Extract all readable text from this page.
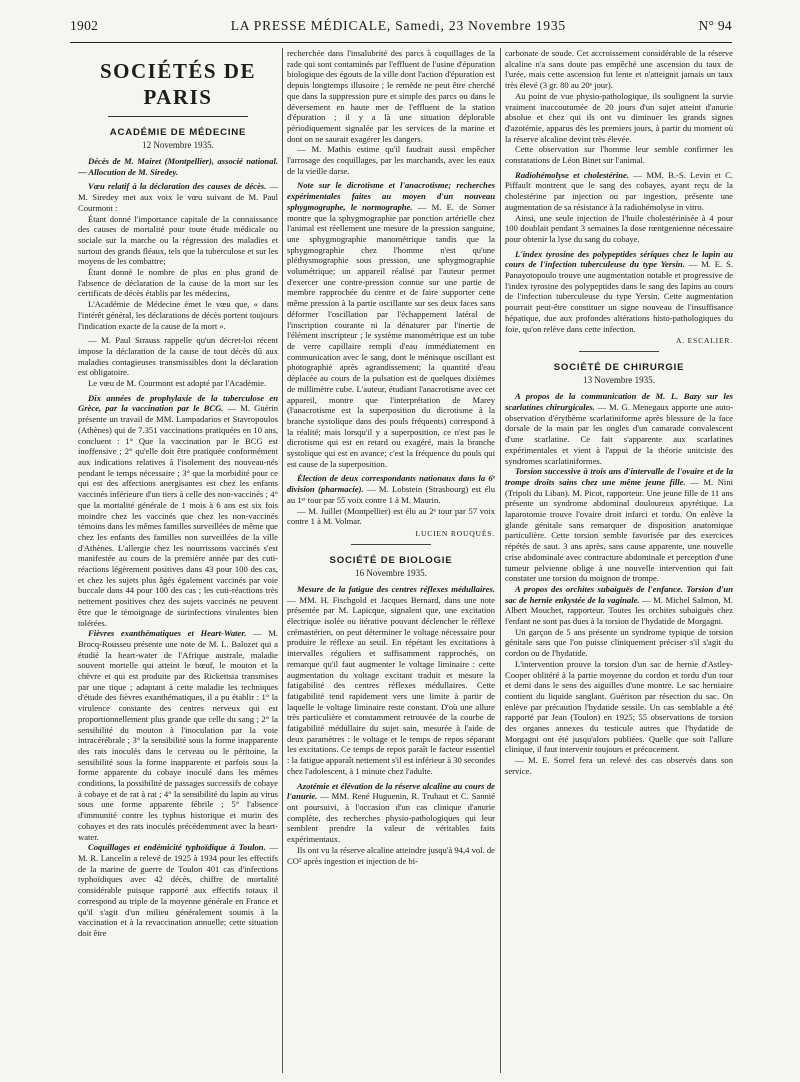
1902	LA PRESSE MÉDICALE, Samedi, 23 Novembre 1935	N° 94
SOCIÉTÉS DE PARIS
ACADÉMIE DE MÉDECINE
12 Novembre 1935.

Décès de M. Mairet (Montpellier), associé national. — Allocution de M. Siredey.

Vœu relatif à la déclaration des causes de décès. — M. Siredey met aux voix le vœu suivant de M. Paul Courmont :

Étant donné l'importance capitale de la connaissance des causes de mortalité pour toute étude médicale ou sociale sur la marche ou la régression des maladies et surtout des grands fléaux, tels que la tuberculose et sur les moyens de les combattre;

Étant donné le nombre de plus en plus grand de l'absence de déclaration de la cause de la mort sur les certificats de décès établis par les médecins,

L'Académie de Médecine émet le vœu que, « dans l'intérêt général, les déclarations de décès portent toujours l'indication exacte de la cause de la mort ».

— M. Paul Strauss rappelle qu'un décret-loi récent impose la déclaration de la cause de tout décès dû aux maladies contagieuses transmissibles dont la déclaration est obligatoire.

Le vœu de M. Courmont est adopté par l'Académie.

Dix années de prophylaxie de la tuberculose en Grèce, par la vaccination par le BCG. — M. Guérin présente un travail de MM. Lampadarios et Stavropoulos (Athènes) qui de 7.351 vaccinations pratiquées en 10 ans, concluent : 1° Que la vaccination par le BCG est inoffensive ; 2° qu'elle doit être pratiquée conformément aux indications relatives à l'isolement des nouveau-nés pendant le temps nécessaire ; 3° que la morbidité pour ce qui est des affections anergisantes est chez les enfants vaccinés inférieure d'un tiers à celle des non-vaccinés ; 4° que la mortalité générale de 1 mois à 6 ans est six fois moindre chez les vaccinés que chez les non-vaccinés témoins dans les mêmes familles surveillées de même que chez les enfants des familles non surveillées de la ville d'Athènes. L'allergie chez les nourrissons vaccinés s'est manifestée au cours de la première année par des cuti-réactions légèrement positives dans 43 pour 100 des cas, et chez les sujets plus âgés également vaccinés par voie buccale dans 44 pour 100 des cas ; les cuti-réactions très nettement positives chez des sujets vaccinés ne peuvent être que le témoignage de surinfections virulentes bien tolérées.

Fièvres exanthématiques et Heart-Water. — M. Brocq-Rousseu présente une note de M. L. Balozet qui a étudié la heart-water de l'Afrique australe, maladie souvent mortelle qui atteint le bœuf, le mouton et la chèvre et qui est produite par des Rickettsia transmises par une tique ; adaptant à cette maladie les techniques d'étude des fièvres exanthématiques, il a pu établir : 1° la virulence constante des centres nerveux qui est proportionnellement plus grande que celle du sang ; 2° la sensibilité du mouton à l'inoculation par la voie intracérébrale ; 3° la sensibilité sous la forme inapparente des rats inoculés dans le cerveau ou le péritoine, la sensibilité sous la forme inapparente et parfois sous la forme apparente du cobaye inoculé dans les mêmes conditions, la possibilité de passages successifs de cobaye à cobaye et de rat à rat ; 4° la sensibilité du lapin au virus sous une forme apparente fébrile ; 5° l'absence d'immunité contre les typhus historique et murin des cobayes et des rats inoculés précédemment avec la heart-water.

Coquillages et endémicité typhoïdique à Toulon. — M. R. Lancelin a relevé de 1925 à 1934 pour les effectifs de la marine de guerre de Toulon 401 cas d'infections typhoïdiques avec 42 décès, chiffre de mortalité considérable puisque rapporté aux effectifs totaux il correspond au triple de la moyenne générale en France et qu'il s'agit d'un milieu généralement soumis à la vaccination et à la revaccination annuelle; cette situation doit être

recherchée dans l'insalubrité des parcs à coquillages de la rade qui sont contaminés par l'effluent de l'usine d'épuration biologique des égouts de la ville dont l'action d'épuration est depuis longtemps illusoire ; le remède ne peut être cherché que dans la suppression pure et simple des parcs ou dans le déversement en haute mer de l'effluent de la station d'épuration ; il y a là une situation déplorable périodiquement signalée par les services de la marine et dont on ne saurait exagérer les dangers.

— M. Mathis estime qu'il faudrait aussi empêcher l'arrosage des coquillages, par les marchands, avec les eaux de la vieille darse.

Note sur le dicrotisme et l'anacrotisme; recherches expérimentales faites au moyen d'un nouveau sphygmographe, le normographe. — M. E. de Somer montre que la sphygmographie par ponction artérielle chez l'animal est réellement une mesure de la pression sanguine, une sphygmographie manométrique tandis que la sphygmographie chez l'homme n'est qu'une pléthysmographie sous pression, une sphygmographie volumétrique; un appareil réalisé par l'auteur permet d'exercer une contre-pression connue sur une partie de membre rapprochée du centre et de faire supporter cette même pression à la partie oscillante sur ses deux faces sans déformer l'oscillation par l'échappement latéral de l'inscription courante ni la dénaturer par l'inertie de l'élément inscripteur ; le système manométrique est un tube de verre capillaire rempli d'eau immédiatement en communication avec le sang, dont le ménisque oscillant est photographié après agrandissement; la quantité d'eau déplacée au cours de la pulsation est de quelques dixièmes de millimètre cube. L'auteur, étudiant l'anacrotisme avec cet appareil, montre que l'interprétation de Marey (l'anacrotisme est la superposition du dicrotisme à la branche systolique dans des pouls fréquents) correspond à la réalité; mais lorsqu'il y a superposition, ce n'est pas le dicrotisme qui est en retard ou exagéré, mais la branche systolique qui est en avance; c'est la fréquence du pouls qui est cause de la superposition.

Élection de deux correspondants nationaux dans la 6ᵉ division (pharmacie). — M. Lobstein (Strasbourg) est élu au 1ᵉʳ tour par 55 voix contre 1 à M. Maurin.

— M. Juillet (Montpellier) est élu au 2ᵉ tour par 57 voix contre 1 à M. Volmar.

LUCIEN ROUQUÈS.
SOCIÉTÉ DE BIOLOGIE
16 Novembre 1935.

Mesure de la fatigue des centres réflexes médullaires. — MM. H. Fischgold et Jacques Bernard, dans une note présentée par M. Lapicque, signalent que, une excitation électrique isolée ou itérative pouvant déclencher le réflexe crémastérien, on peut déterminer le voltage nécessaire pour produire le réflexe au seuil. En répétant les excitations à intervalles réguliers et suffisamment rapprochés, on remarque qu'il faut augmenter le voltage liminaire : cette augmentation du voltage excitant traduit et mesure la fatigabilité des centres réflexes médullaires. Cette fatigabilité tend rapidement vers une limite à partir de laquelle le voltage liminaire reste constant. D'où une allure très particulière et constamment retrouvée de la courbe de fatigabilité médullaire du sujet sain, mesurée à l'aide de deux paramètres : le voltage et le temps de repos séparant les excitations. Ce temps de repos paraît le facteur essentiel : la fatigue apparaît nettement s'il est inférieur à 30 secondes chez l'adolescent, à 1 minute chez l'adulte.

Azotémie et élévation de la réserve alcaline au cours de l'anurie. — MM. René Huguenin, R. Truhaut et C. Sannié ont poursuivi, à l'occasion d'un cas clinique d'anurie complète, des recherches physio-pathologiques qui leur semblent prendre la valeur de véritables faits expérimentaux.

Ils ont vu la réserve alcaline atteindre jusqu'à 94,4 vol. de CO² après ingestion et injection de bi-

carbonate de soude. Cet accroissement considérable de la réserve alcaline n'a sans doute pas empêché une ascension du taux de l'urée, mais cette ascension fut lente et n'atteignit jamais un taux très élevé (3 gr. 80 au 20ᵉ jour).

Au point de vue physio-pathologique, ils soulignent la survie vraiment inaccoutumée de 20 jours d'un sujet atteint d'anurie absolue et chez qui ils ont vu diminuer les grands signes d'azotémie, apparus dès les premiers jours, à partir du moment où la réserve alcaline devint très élevée.

Cette observation sur l'homme leur semble confirmer les constatations de Léon Binet sur l'animal.

Radiohémolyse et cholestérine. — MM. B.-S. Levin et C. Piffault montrent que le sang des cobayes, ayant reçu de la cholestérine par injection ou par ingestion, présente une augmentation de sa résistance à la radiohémolyse in vitro.

Ainsi, une seule injection de l'huile cholestérinisée à 4 pour 100 doublait pendant 3 semaines la dose rœntgenienne nécessaire pour obtenir la lyse du sang du cobaye.

L'index tyrosine des polypeptides sériques chez le lapin au cours de l'infection tuberculeuse du type Yersin. — M. E. S. Panayotopoulo trouve une augmentation notable et progressive de l'index tyrosine des polypeptides dans le sang des lapins au cours de l'infection tuberculeuse du type Yersin. Cette augmentation pourrait peut-être constituer un signe nouveau de l'insuffisance hépatique, due aux profondes altérations histo-pathologiques du foie, qu'on relève dans cette infection.

A. ESCALIER.
SOCIÉTÉ DE CHIRURGIE
13 Novembre 1935.

A propos de la communication de M. L. Bazy sur les scarlatines chirurgicales. — M. G. Menegaux apporte une auto-observation d'érythème scarlatiniforme après blessure de la face dorsale de la main par les ongles d'un camarade convalescent d'une scarlatine. Ce fait s'apparente aux scarlatines expérimentales et vient à l'appui de la théorie unitciste des syndromes scarlatiniformes.

Torsion successive à trois ans d'intervalle de l'ovaire et de la trompe droits sains chez une même jeune fille. — M. Nini (Tripoli du Liban). M. Picot, rapporteur. Une jeune fille de 11 ans présente un syndrome abdominal douloureux apyrétique. La laparotomie trouve l'ovaire droit infarci et tordu. On enlève la glande génitale sans remarquer de disposition anatomique particulière. Cette torsion semble favorisée par des exercices répétés de saut. 3 ans après, sans cause apparente, une nouvelle crise abdominale avec contracture abdominale et perception d'une tumeur pelvienne oblige à une nouvelle intervention qui fait constater une torsion du moignon de trompe.

A propos des orchites subaiguës de l'enfance. Torsion d'un sac de hernie enkystée de la vaginale. — M. Michel Salmon, M. Albert Mouchet, rapporteur. Toutes les orchites subaiguës chez l'enfant ne sont pas dues à la torsion de l'hydatide de Morgagni.

Un garçon de 5 ans présente un syndrome typique de torsion génitale sans que l'on puisse cliniquement préciser s'il s'agit du cordon ou de l'hydatide.

L'intervention prouve la torsion d'un sac de hernie d'Astley-Cooper oblitéré à la partie moyenne du cordon et tordu d'un tour et demi dans le sens des aiguilles d'une montre. Le sac herniaire contient du liquide sanglant. Guérison par résection du sac. On enlève par précaution l'hydatide sessile. Un cas semblable a été rapporté par Jean (Toulon) en 1925; 55 observations de torsion des organes annexes du testicule autres que l'hydatide de Morgagni ont été jusqu'alors publiées. Quelle que soit l'allure clinique, il faut intervenir toujours et précocement.

— M. E. Sorrel fera un relevé des cas observés dans son service.
